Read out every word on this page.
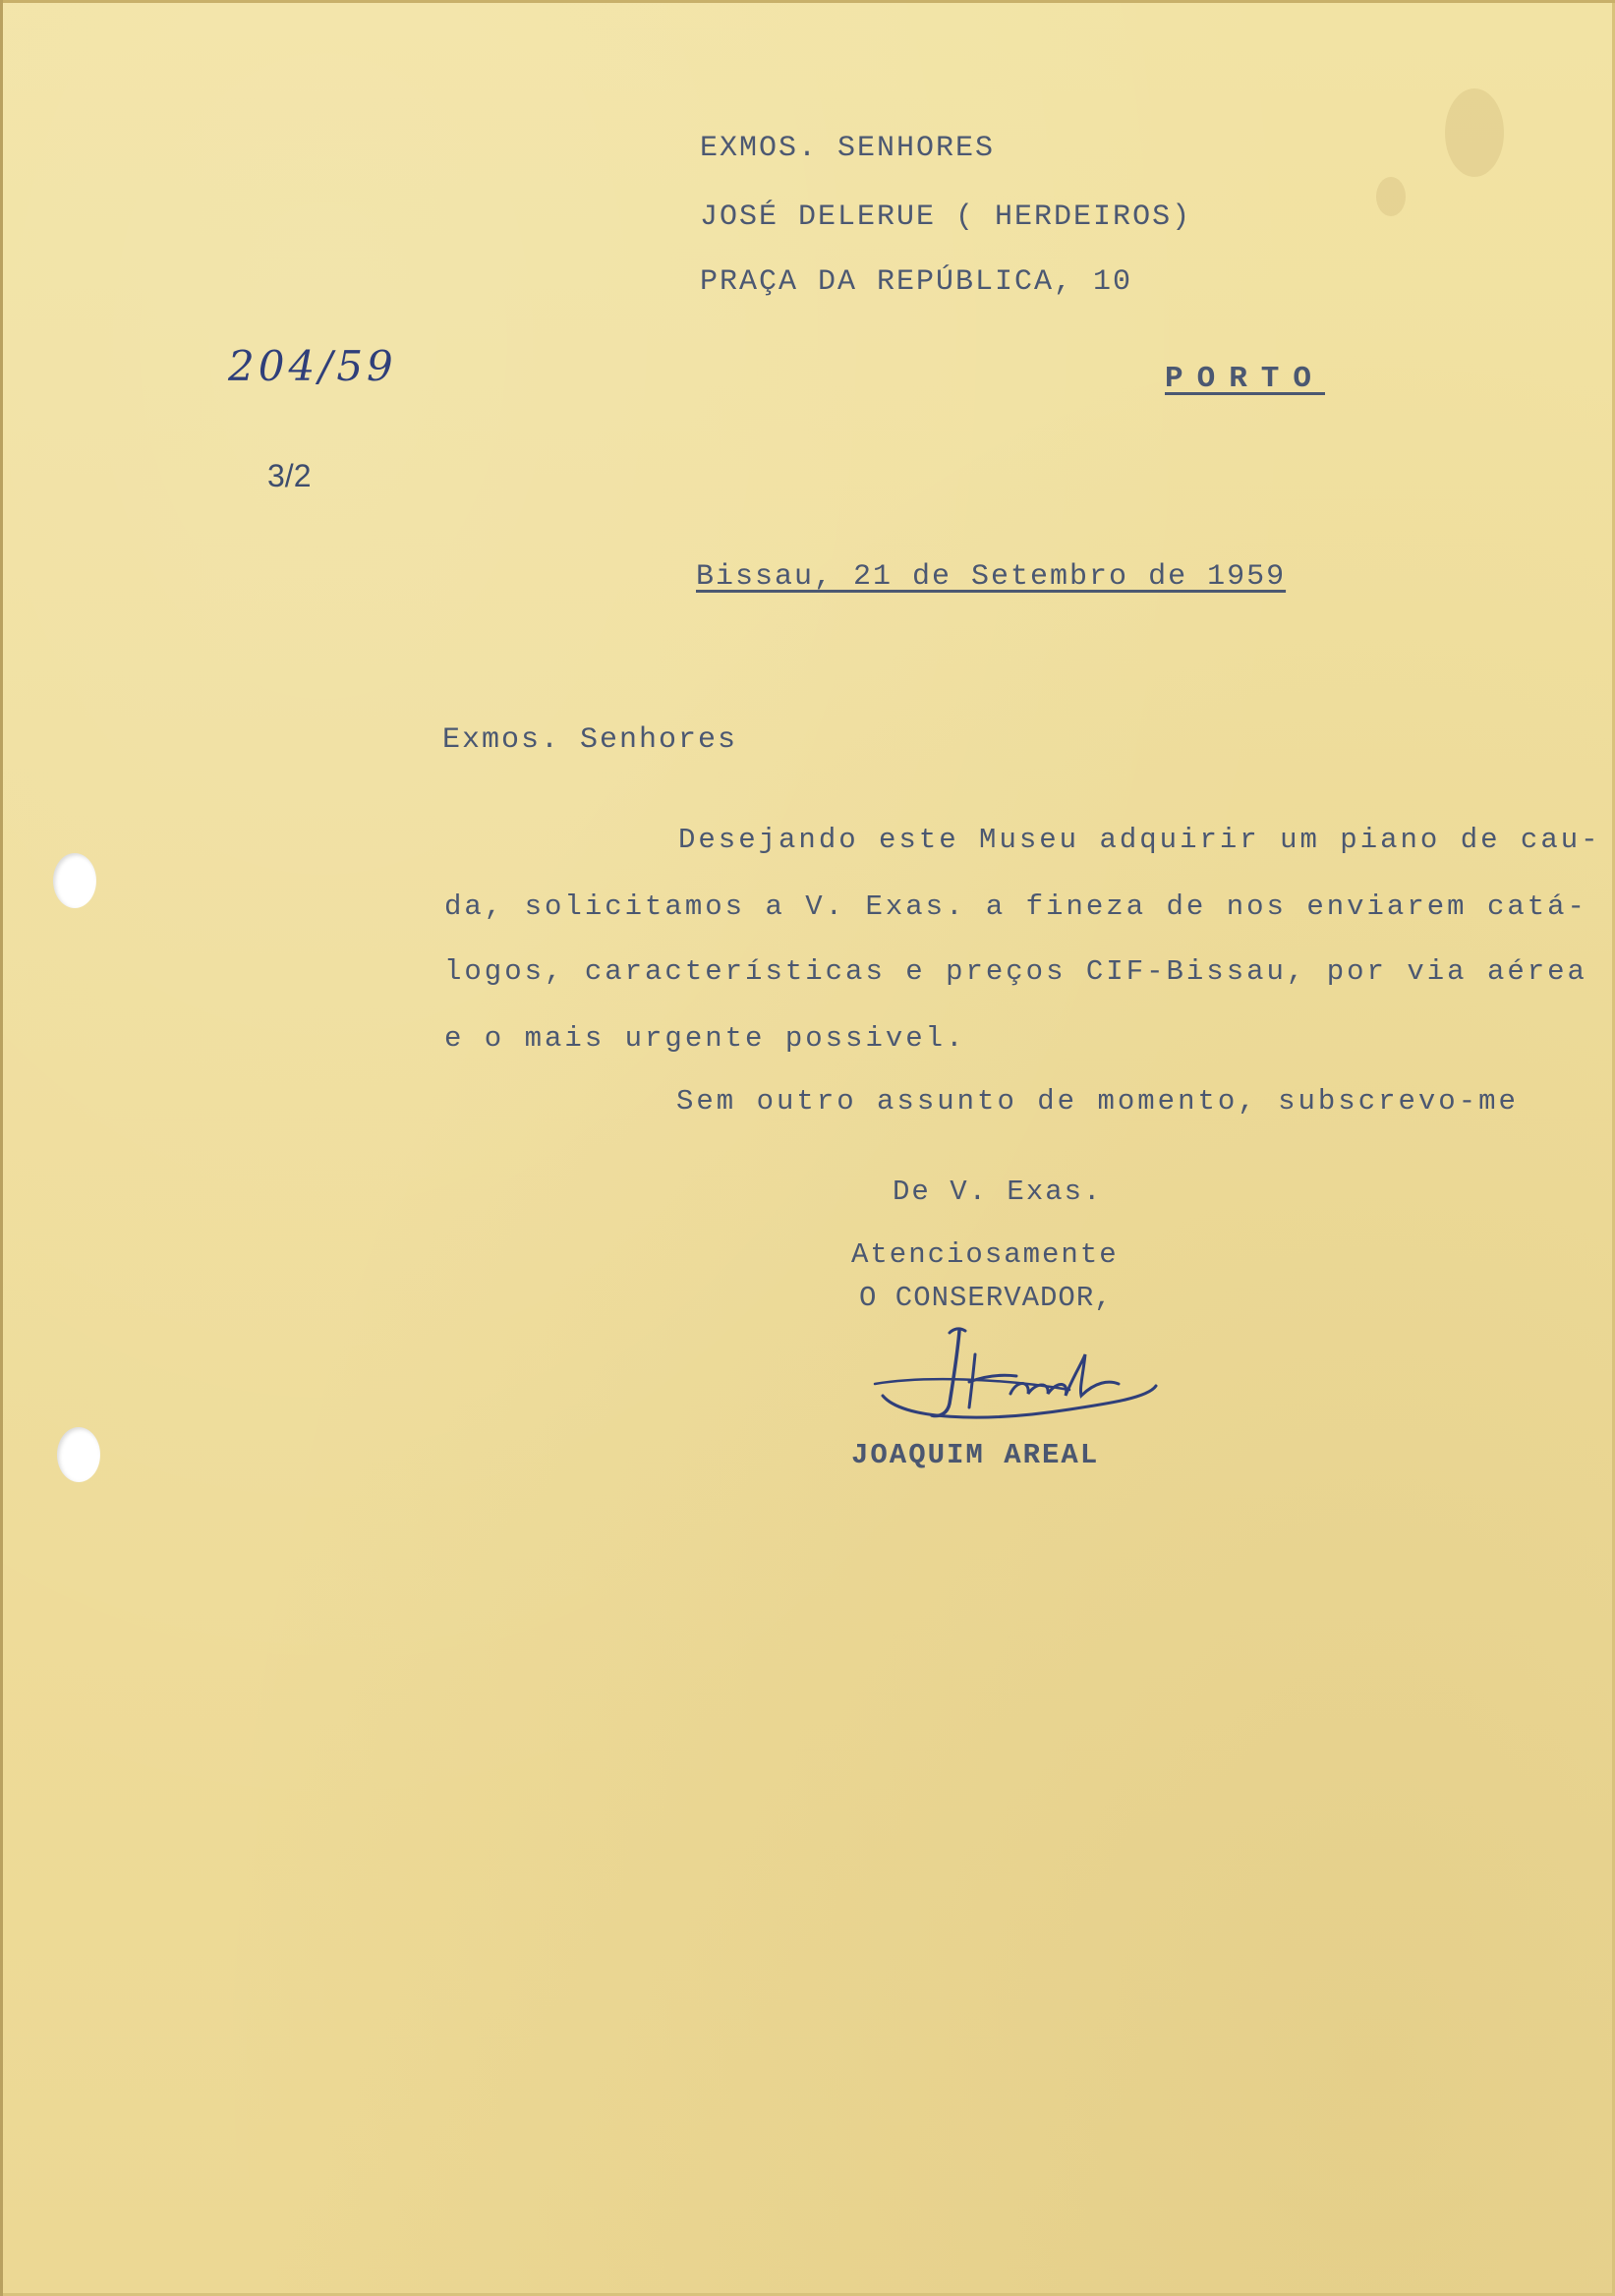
EXMOS. SENHORES
JOSÉ DELERUE ( HERDEIROS)
PRAÇA DA REPÚBLICA, 10
PORTO
204/59
3/2
Bissau, 21 de Setembro de 1959
Exmos. Senhores
Desejando este Museu adquirir um piano de cau-
da, solicitamos a V. Exas. a fineza de nos enviarem catá-
logos, características e preços CIF-Bissau, por via aérea
e o mais urgente possivel.
Sem outro assunto de momento, subscrevo-me
De V. Exas.
Atenciosamente
O CONSERVADOR,
JOAQUIM AREAL
